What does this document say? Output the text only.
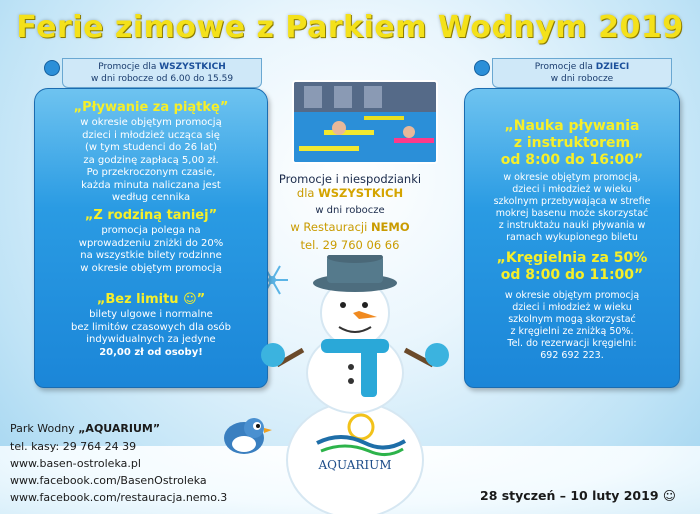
Ferie zimowe z Parkiem Wodnym 2019
Promocje dla WSZYSTKICH
w dni robocze od 6.00 do 15.59
„Pływanie za piątkę”
w okresie objętym promocją
dzieci i młodzież ucząca się
(w tym studenci do 26 lat)
za godzinę zapłacą 5,00 zł.
Po przekroczonym czasie,
każda minuta naliczana jest
według cennika
„Z rodziną taniej”
promocja polega na
wprowadzeniu zniżki do 20%
na wszystkie bilety rodzinne
w okresie objętym promocją
„Bez limitu ☺”
bilety ulgowe i normalne
bez limitów czasowych dla osób
indywidualnych za jedyne
20,00 zł od osoby!
Promocje dla DZIECI
w dni robocze
„Nauka pływania
z instruktorem
od 8:00 do 16:00”
w okresie objętym promocją,
dzieci i młodzież w wieku
szkolnym przebywająca w strefie
mokrej basenu może skorzystać
z instruktażu nauki pływania w
ramach wykupionego biletu
„Kręgielnia za 50%
od 8:00 do 11:00”
w okresie objętym promocją
dzieci i młodzież w wieku
szkolnym mogą skorzystać
z kręgielni ze zniżką 50%.
Tel. do rezerwacji kręgielni:
692 692 223.
Promocje i niespodzianki
dla WSZYSTKICH
w dni robocze
w Restauracji NEMO
tel. 29 760 06 66
AQUARIUM
Park Wodny „AQUARIUM”
tel. kasy: 29 764 24 39
www.basen-ostroleka.pl
www.facebook.com/BasenOstroleka
www.facebook.com/restauracja.nemo.3	28 styczeń – 10 luty 2019 ☺
